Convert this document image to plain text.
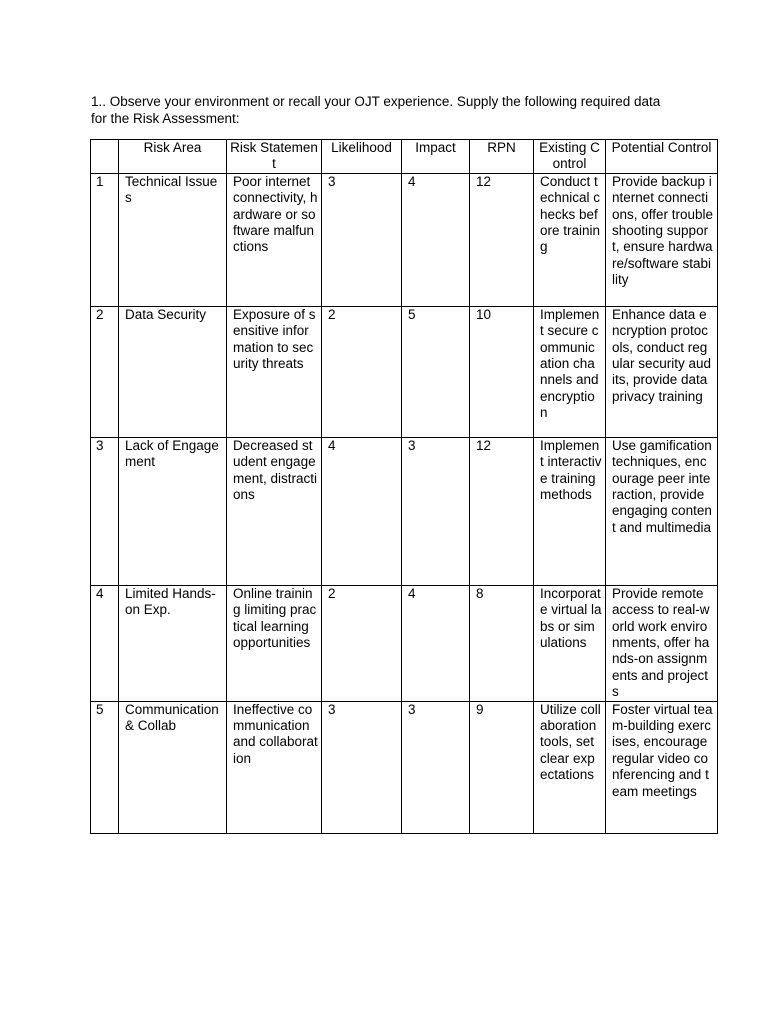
1.. Observe your environment or recall your OJT experience. Supply the following required data
for the Risk Assessment:
	Risk Area	Risk Statement	Likelihood	Impact	RPN	Existing Control	Potential Control
1	Technical Issues	Poor internet connectivity, hardware or software malfunctions	3	4	12	Conduct technical checks before training	Provide backup internet connections, offer troubleshooting support, ensure hardware/software stability
2	Data Security	Exposure of sensitive information to security threats	2	5	10	Implement secure communication channels and encryption	Enhance data encryption protocols, conduct regular security audits, provide data privacy training
3	Lack of Engagement	Decreased student engagement, distractions	4	3	12	Implement interactive training methods	Use gamification techniques, encourage peer interaction, provide engaging content and multimedia
4	Limited Hands-on Exp.	Online training limiting practical learning opportunities	2	4	8	Incorporate virtual labs or simulations	Provide remote access to real-world work environments, offer hands-on assignments and projects
5	Communication & Collab	Ineffective communication and collaboration	3	3	9	Utilize collaboration tools, set clear expectations	Foster virtual team-building exercises, encourage regular video conferencing and team meetings
